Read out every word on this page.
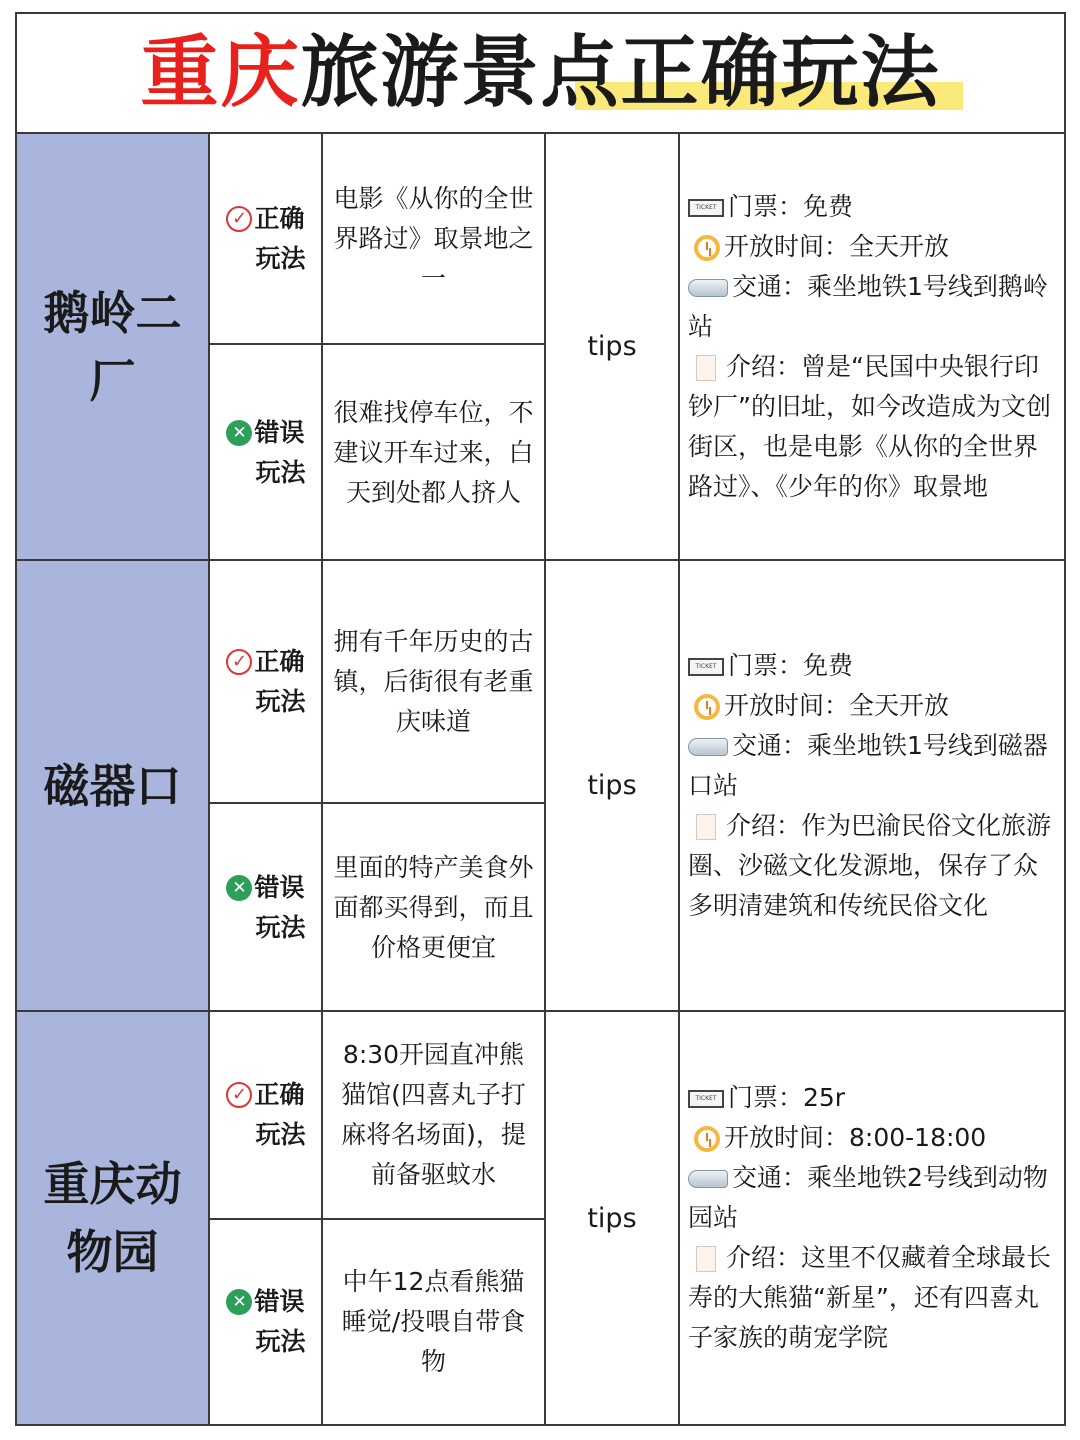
重庆旅游景点正确玩法
鹅岭二厂
✓ 正确
玩法
电影《从你的全世界路过》取景地之一
✕ 错误
玩法
很难找停车位，不建议开车过来，白天到处都人挤人
tips

TICKET 门票：免费

开放时间：全天开放

交通：乘坐地铁1号线到鹅岭站

介绍：曾是“民国中央银行印钞厂”的旧址，如今改造成为文创街区，也是电影《从你的全世界路过》、《少年的你》取景地

磁器口
✓ 正确
玩法
拥有千年历史的古镇，后街很有老重庆味道
✕ 错误
玩法
里面的特产美食外面都买得到，而且价格更便宜
tips

TICKET 门票：免费

开放时间：全天开放

交通：乘坐地铁1号线到磁器口站

介绍：作为巴渝民俗文化旅游圈、沙磁文化发源地，保存了众多明清建筑和传统民俗文化

重庆动物园
✓ 正确
玩法
8:30开园直冲熊猫馆(四喜丸子打麻将名场面)，提前备驱蚊水
✕ 错误
玩法
中午12点看熊猫睡觉/投喂自带食物
tips

TICKET 门票：25r

开放时间：8:00-18:00

交通：乘坐地铁2号线到动物园站

介绍：这里不仅藏着全球最长寿的大熊猫“新星”，还有四喜丸子家族的萌宠学院
